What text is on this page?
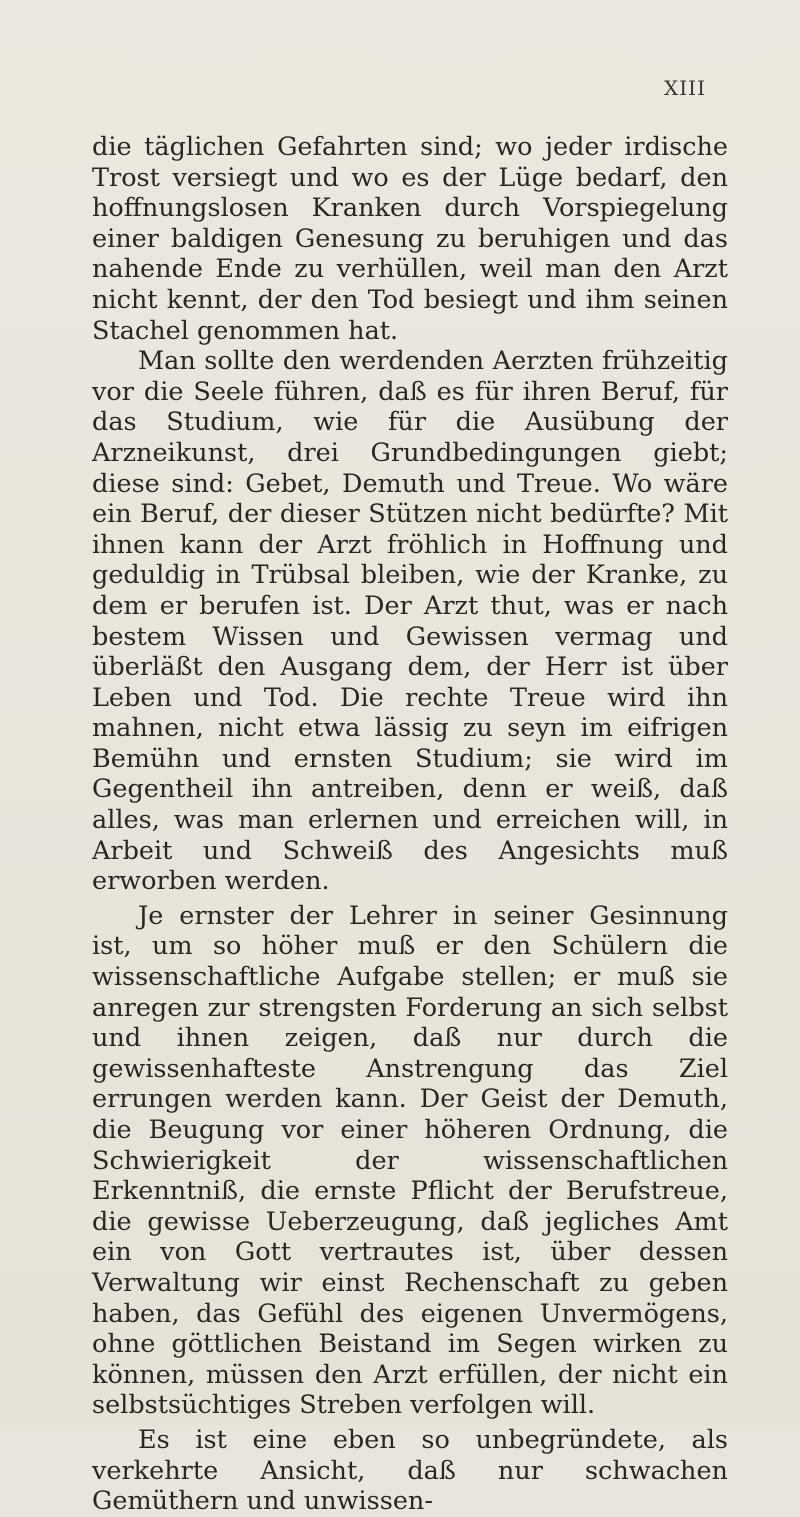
XIII

die täglichen Gefahrten sind; wo jeder irdische Trost versiegt und wo es der Lüge bedarf, den hoffnungslosen Kranken durch Vorspiegelung einer baldigen Genesung zu beruhigen und das nahende Ende zu verhüllen, weil man den Arzt nicht kennt, der den Tod besiegt und ihm seinen Stachel genommen hat.

Man sollte den werdenden Aerzten frühzeitig vor die Seele führen, daß es für ihren Beruf, für das Studium, wie für die Ausübung der Arzneikunst, drei Grundbedingungen giebt; diese sind: Gebet, Demuth und Treue. Wo wäre ein Beruf, der dieser Stützen nicht bedürfte? Mit ihnen kann der Arzt fröhlich in Hoffnung und geduldig in Trübsal bleiben, wie der Kranke, zu dem er berufen ist. Der Arzt thut, was er nach bestem Wissen und Gewissen vermag und überläßt den Ausgang dem, der Herr ist über Leben und Tod. Die rechte Treue wird ihn mahnen, nicht etwa lässig zu seyn im eifrigen Bemühn und ernsten Studium; sie wird im Gegentheil ihn antreiben, denn er weiß, daß alles, was man erlernen und erreichen will, in Arbeit und Schweiß des Angesichts muß erworben werden.

Je ernster der Lehrer in seiner Gesinnung ist, um so höher muß er den Schülern die wissenschaftliche Aufgabe stellen; er muß sie anregen zur strengsten Forderung an sich selbst und ihnen zeigen, daß nur durch die gewissenhafteste Anstrengung das Ziel errungen werden kann. Der Geist der Demuth, die Beugung vor einer höheren Ordnung, die Schwierigkeit der wissenschaftlichen Erkenntniß, die ernste Pflicht der Berufstreue, die gewisse Ueberzeugung, daß jegliches Amt ein von Gott vertrautes ist, über dessen Verwaltung wir einst Rechenschaft zu geben haben, das Gefühl des eigenen Unvermögens, ohne göttlichen Beistand im Segen wirken zu können, müssen den Arzt erfüllen, der nicht ein selbstsüchtiges Streben verfolgen will.

Es ist eine eben so unbegründete, als verkehrte Ansicht, daß nur schwachen Gemüthern und unwissen-
